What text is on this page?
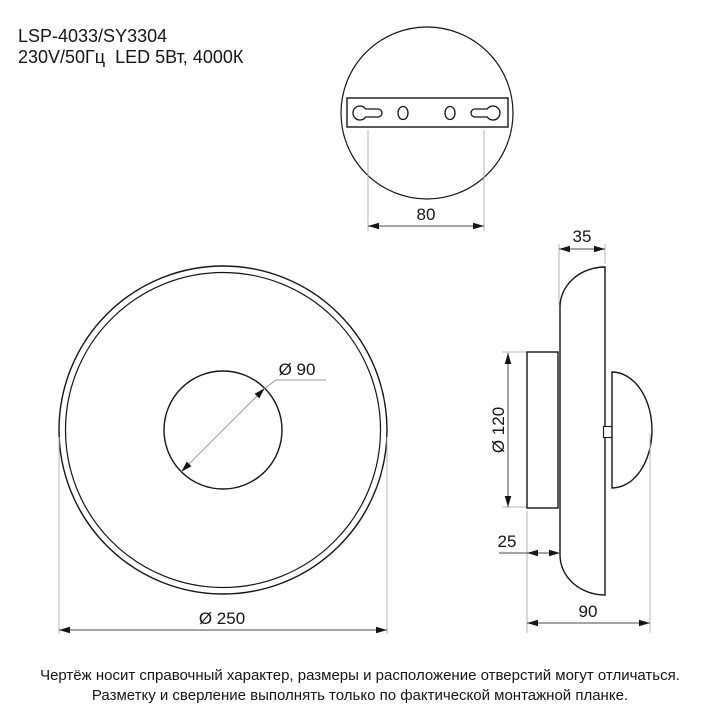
LSP-4033/SY3304
230V/50Гц  LED 5Вт, 4000К
80
Ø 90
Ø 250
35
Ø 120
25
90
Чертёж носит справочный характер, размеры и расположение отверстий могут отличаться.
Разметку и сверление выполнять только по фактической монтажной планке.
